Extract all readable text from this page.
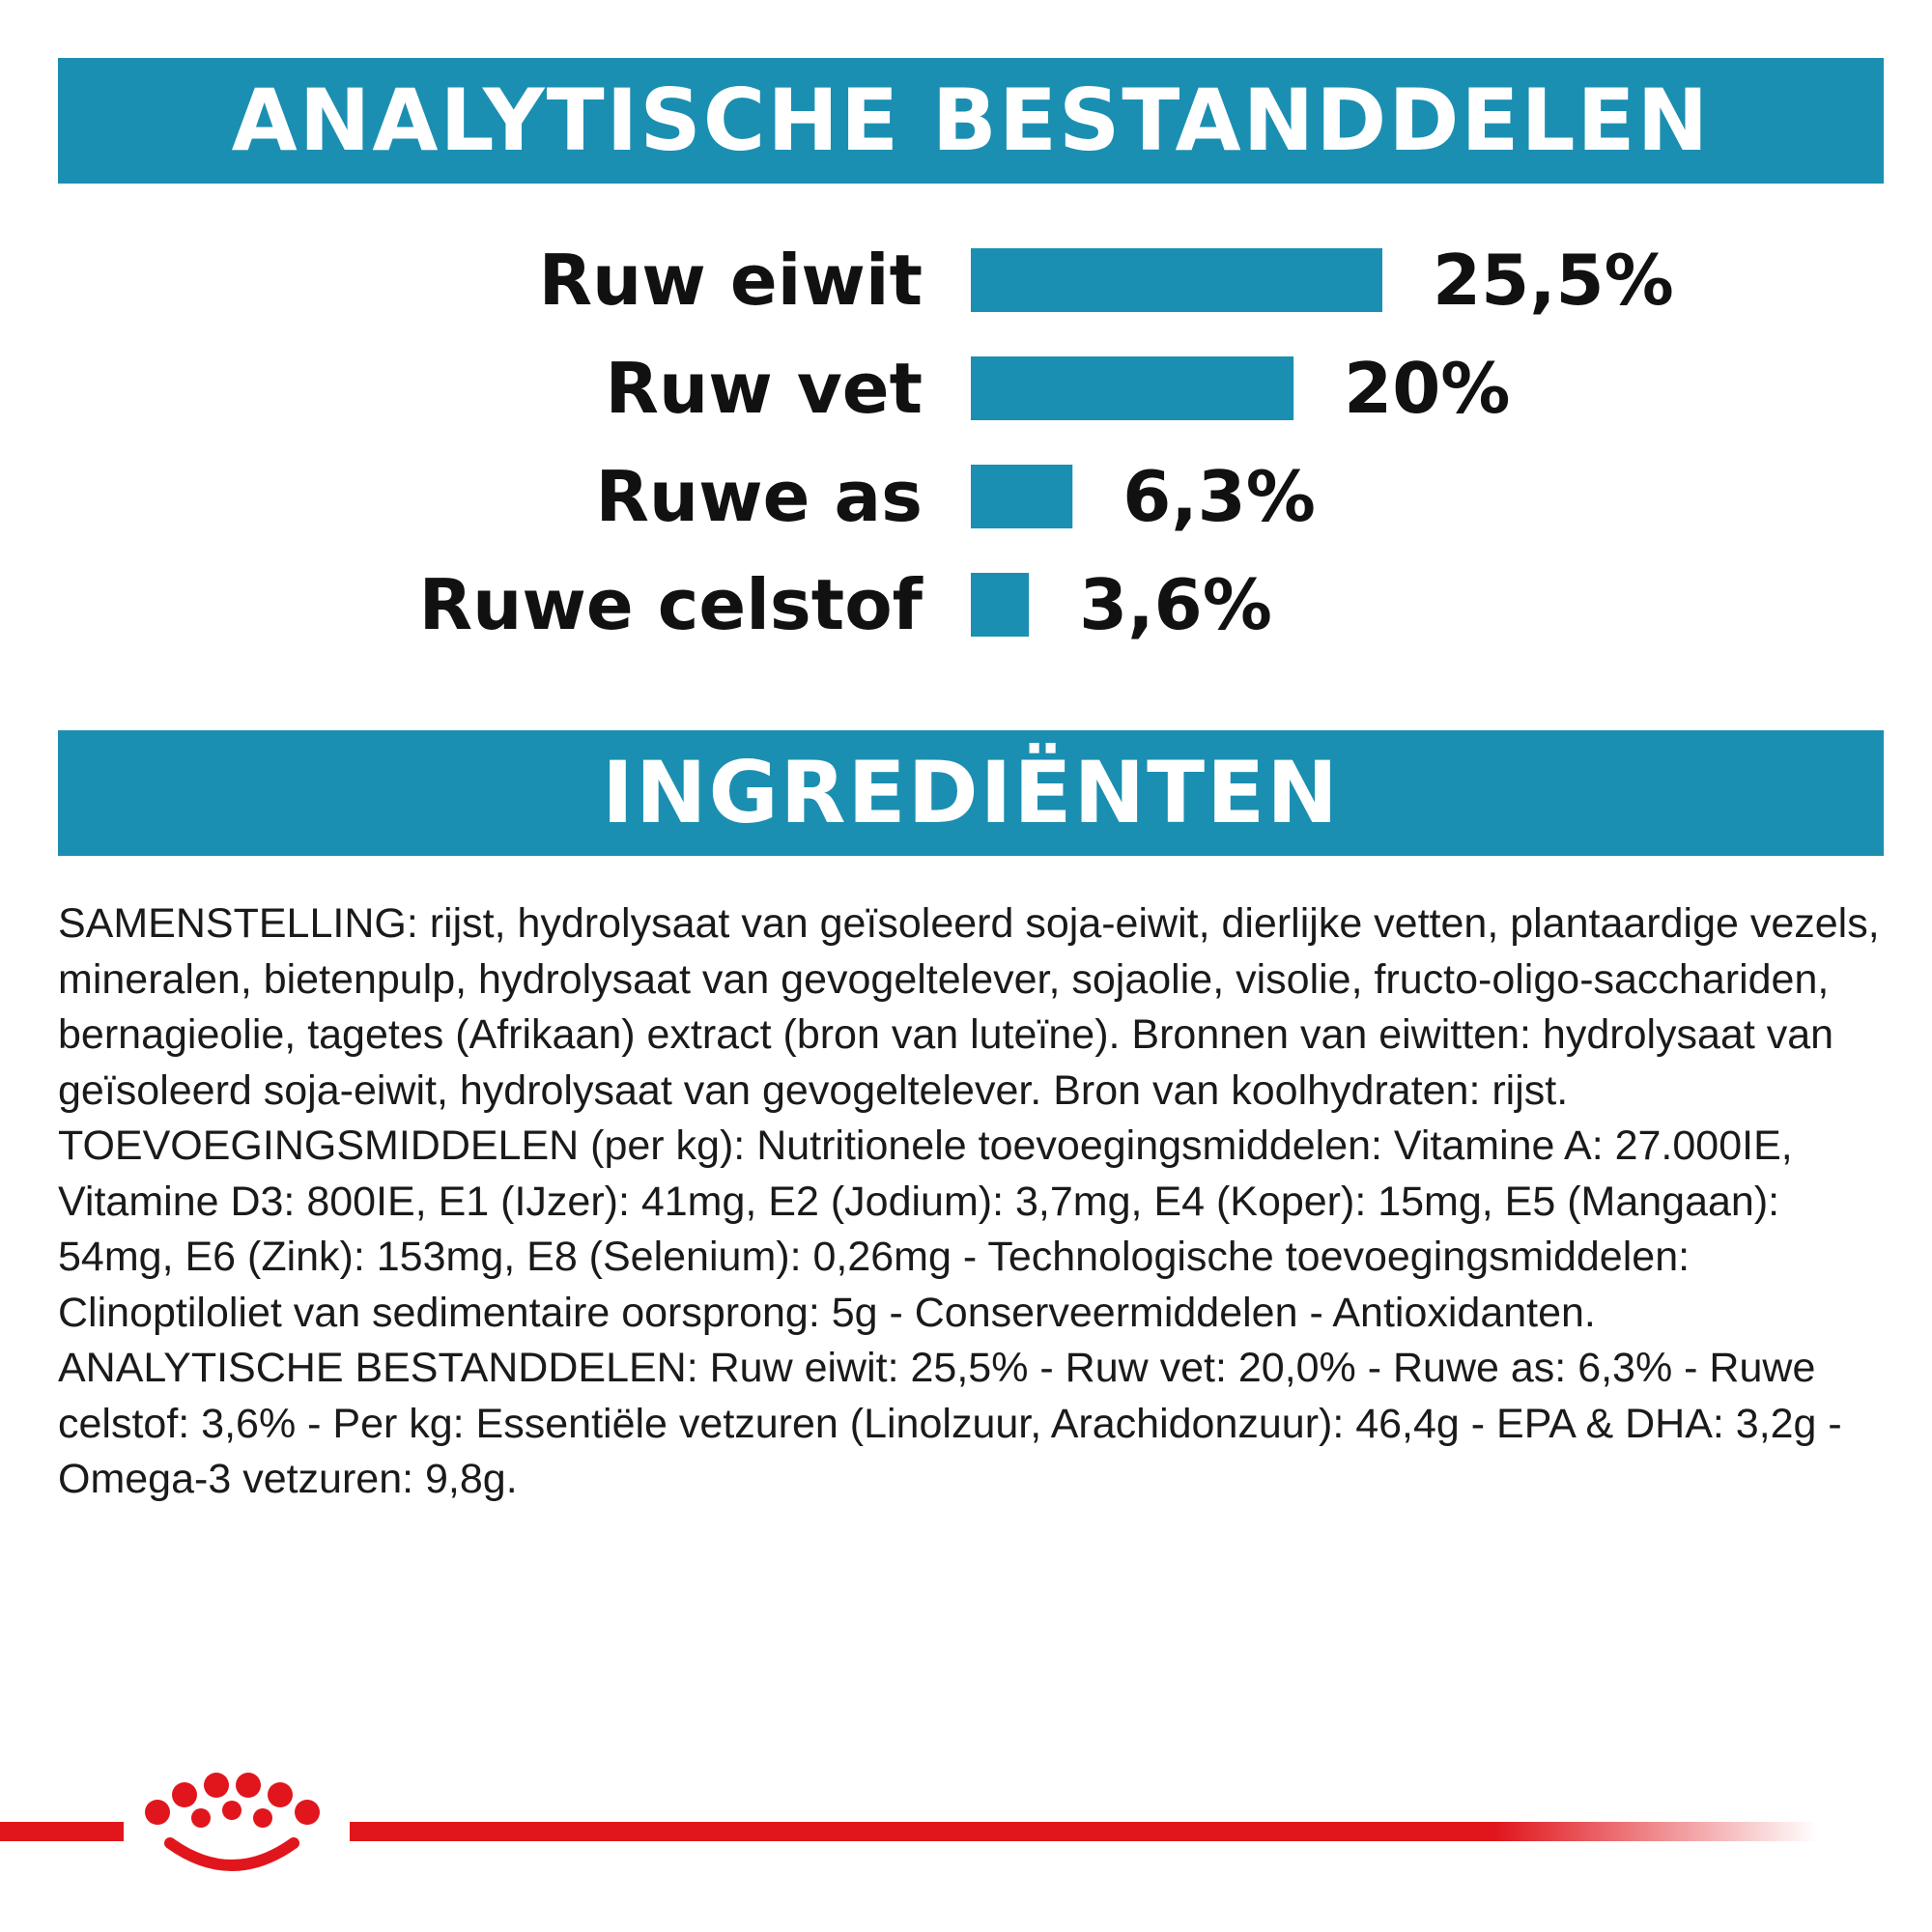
ANALYTISCHE BESTANDDELEN
Ruw eiwit	25,5%
Ruw vet	20%
Ruwe as	6,3%
Ruwe celstof 3,6%
INGREDIËNTEN

SAMENSTELLING: rijst, hydrolysaat van geïsoleerd soja-eiwit, dierlijke vetten, plantaardige vezels, mineralen, bietenpulp, hydrolysaat van gevogeltelever, sojaolie, visolie, fructo-oligo-sacchariden, bernagieolie, tagetes (Afrikaan) extract (bron van luteïne). Bronnen van eiwitten: hydrolysaat van geïsoleerd soja-eiwit, hydrolysaat van gevogeltelever. Bron van koolhydraten: rijst.

TOEVOEGINGSMIDDELEN (per kg): Nutritionele toevoegingsmiddelen: Vitamine A: 27.000IE, Vitamine D3: 800IE, E1 (IJzer): 41mg, E2 (Jodium): 3,7mg, E4 (Koper): 15mg, E5 (Mangaan): 54mg, E6 (Zink): 153mg, E8 (Selenium): 0,26mg - Technologische toevoegingsmiddelen: Clinoptiloliet van sedimentaire oorsprong: 5g - Conserveermiddelen - Antioxidanten.

ANALYTISCHE BESTANDDELEN: Ruw eiwit: 25,5% - Ruw vet: 20,0% - Ruwe as: 6,3% - Ruwe celstof: 3,6% - Per kg: Essentiële vetzuren (Linolzuur, Arachidonzuur): 46,4g - EPA & DHA: 3,2g - Omega-3 vetzuren: 9,8g.
